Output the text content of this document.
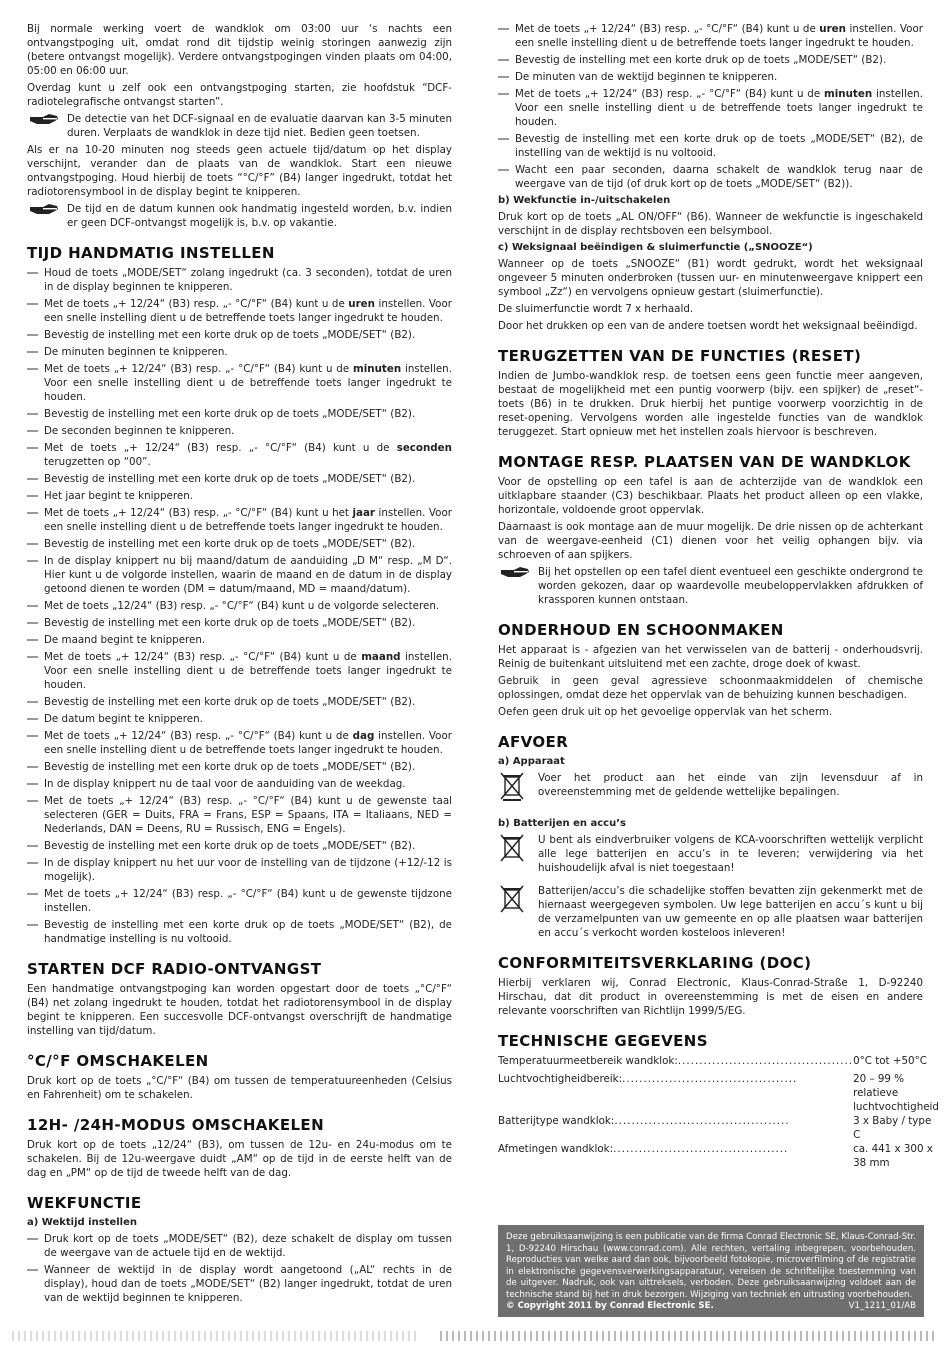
Bij normale werking voert de wandklok om 03:00 uur ‘s nachts een ontvangstpoging uit, omdat rond dit tijdstip weinig storingen aanwezig zijn (betere ontvangst mogelijk). Verdere ontvangstpogingen vinden plaats om 04:00, 05:00 en 06:00 uur.

Overdag kunt u zelf ook een ontvangstpoging starten, zie hoofdstuk “DCF-radiotelegrafische ontvangst starten”.

De detectie van het DCF-signaal en de evaluatie daarvan kan 3-5 minuten duren. Verplaats de wandklok in deze tijd niet. Bedien geen toetsen.

Als er na 10-20 minuten nog steeds geen actuele tijd/datum op het display verschijnt, verander dan de plaats van de wandklok. Start een nieuwe ontvangstpoging. Houd hierbij de toets “°C/°F” (B4) langer ingedrukt, totdat het radiotorensymbool in de display begint te knipperen.

De tijd en de datum kunnen ook handmatig ingesteld worden, b.v. indien er geen DCF-ontvangst mogelijk is, b.v. op vakantie.
TIJD HANDMATIG INSTELLEN
Houd de toets „MODE/SET“ zolang ingedrukt (ca. 3 seconden), totdat de uren in de display beginnen te knipperen.
Met de toets „+ 12/24“ (B3) resp. „- °C/°F“ (B4) kunt u de uren instellen. Voor een snelle instelling dient u de betreffende toets langer ingedrukt te houden.
Bevestig de instelling met een korte druk op de toets „MODE/SET“ (B2).
De minuten beginnen te knipperen.
Met de toets „+ 12/24“ (B3) resp. „- °C/°F“ (B4) kunt u de minuten instellen. Voor een snelle instelling dient u de betreffende toets langer ingedrukt te houden.
Bevestig de instelling met een korte druk op de toets „MODE/SET“ (B2).
De seconden beginnen te knipperen.
Met de toets „+ 12/24“ (B3) resp. „- °C/°F“ (B4) kunt u de seconden terugzetten op “00”.
Bevestig de instelling met een korte druk op de toets „MODE/SET“ (B2).
Het jaar begint te knipperen.
Met de toets „+ 12/24“ (B3) resp. „- °C/°F“ (B4) kunt u het jaar instellen. Voor een snelle instelling dient u de betreffende toets langer ingedrukt te houden.
Bevestig de instelling met een korte druk op de toets „MODE/SET“ (B2).
In de display knippert nu bij maand/datum de aanduiding „D M“ resp. „M D“. Hier kunt u de volgorde instellen, waarin de maand en de datum in de display getoond dienen te worden (DM = datum/maand, MD = maand/datum).
Met de toets „12/24“ (B3) resp. „- °C/°F“ (B4) kunt u de volgorde selecteren.
Bevestig de instelling met een korte druk op de toets „MODE/SET“ (B2).
De maand begint te knipperen.
Met de toets „+ 12/24“ (B3) resp. „- °C/°F“ (B4) kunt u de maand instellen. Voor een snelle instelling dient u de betreffende toets langer ingedrukt te houden.
Bevestig de instelling met een korte druk op de toets „MODE/SET“ (B2).
De datum begint te knipperen.
Met de toets „+ 12/24“ (B3) resp. „- °C/°F“ (B4) kunt u de dag instellen. Voor een snelle instelling dient u de betreffende toets langer ingedrukt te houden.
Bevestig de instelling met een korte druk op de toets „MODE/SET“ (B2).
In de display knippert nu de taal voor de aanduiding van de weekdag.
Met de toets „+ 12/24“ (B3) resp. „- °C/°F“ (B4) kunt u de gewenste taal selecteren (GER = Duits, FRA = Frans, ESP = Spaans, ITA = Italiaans, NED = Nederlands, DAN = Deens, RU = Russisch, ENG = Engels).
Bevestig de instelling met een korte druk op de toets „MODE/SET“ (B2).
In de display knippert nu het uur voor de instelling van de tijdzone (+12/-12 is mogelijk).
Met de toets „+ 12/24“ (B3) resp. „- °C/°F“ (B4) kunt u de gewenste tijdzone instellen.
Bevestig de instelling met een korte druk op de toets „MODE/SET“ (B2), de handmatige instelling is nu voltooid.
STARTEN DCF RADIO-ONTVANGST

Een handmatige ontvangstpoging kan worden opgestart door de toets „°C/°F“ (B4) net zolang ingedrukt te houden, totdat het radiotorensymbool in de display begint te knipperen. Een succesvolle DCF-ontvangst overschrijft de handmatige instelling van tijd/datum.

°C/°F OMSCHAKELEN

Druk kort op de toets „°C/°F“ (B4) om tussen de temperatuureenheden (Celsius en Fahrenheit) om te schakelen.

12H- /24H-MODUS OMSCHAKELEN

Druk kort op de toets „12/24“ (B3), om tussen de 12u- en 24u-modus om te schakelen. Bij de 12u-weergave duidt „AM“ op de tijd in de eerste helft van de dag en „PM“ op de tijd de tweede helft van de dag.

WEKFUNCTIE
a) Wektijd instellen
Druk kort op de toets „MODE/SET“ (B2), deze schakelt de display om tussen de weergave van de actuele tijd en de wektijd.
Wanneer de wektijd in de display wordt aangetoond („AL“ rechts in de display), houd dan de toets „MODE/SET“ (B2) langer ingedrukt, totdat de uren van de wektijd beginnen te knipperen.
Met de toets „+ 12/24“ (B3) resp. „- °C/°F“ (B4) kunt u de uren instellen. Voor een snelle instelling dient u de betreffende toets langer ingedrukt te houden.
Bevestig de instelling met een korte druk op de toets „MODE/SET“ (B2).
De minuten van de wektijd beginnen te knipperen.
Met de toets „+ 12/24“ (B3) resp. „- °C/°F“ (B4) kunt u de minuten instellen. Voor een snelle instelling dient u de betreffende toets langer ingedrukt te houden.
Bevestig de instelling met een korte druk op de toets „MODE/SET“ (B2), de instelling van de wektijd is nu voltooid.
Wacht een paar seconden, daarna schakelt de wandklok terug naar de weergave van de tijd (of druk kort op de toets „MODE/SET“ (B2)).
b) Wekfunctie in-/uitschakelen

Druk kort op de toets „AL ON/OFF“ (B6). Wanneer de wekfunctie is ingeschakeld verschijnt in de display rechtsboven een belsymbool.

c) Weksignaal beëindigen & sluimerfunctie („SNOOZE“)

Wanneer op de toets „SNOOZE“ (B1) wordt gedrukt, wordt het weksignaal ongeveer 5 minuten onderbroken (tussen uur- en minutenweergave knippert een symbool „Zz“) en vervolgens opnieuw gestart (sluimerfunctie).

De sluimerfunctie wordt 7 x herhaald.

Door het drukken op een van de andere toetsen wordt het weksignaal beëindigd.

TERUGZETTEN VAN DE FUNCTIES (RESET)

Indien de Jumbo-wandklok resp. de toetsen eens geen functie meer aangeven, bestaat de mogelijkheid met een puntig voorwerp (bijv. een spijker) de „reset“-toets (B6) in te drukken. Druk hierbij het puntige voorwerp voorzichtig in de reset-opening. Vervolgens worden alle ingestelde functies van de wandklok teruggezet. Start opnieuw met het instellen zoals hiervoor is beschreven.

MONTAGE RESP. PLAATSEN VAN DE WANDKLOK

Voor de opstelling op een tafel is aan de achterzijde van de wandklok een uitklapbare staander (C3) beschikbaar. Plaats het product alleen op een vlakke, horizontale, voldoende groot oppervlak.

Daarnaast is ook montage aan de muur mogelijk. De drie nissen op de achterkant van de weergave-eenheid (C1) dienen voor het veilig ophangen bijv. via schroeven of aan spijkers.

Bij het opstellen op een tafel dient eventueel een geschikte ondergrond te worden gekozen, daar op waardevolle meubeloppervlakken afdrukken of krassporen kunnen ontstaan.
ONDERHOUD EN SCHOONMAKEN

Het apparaat is - afgezien van het verwisselen van de batterij - onderhoudsvrij. Reinig de buitenkant uitsluitend met een zachte, droge doek of kwast.

Gebruik in geen geval agressieve schoonmaakmiddelen of chemische oplossingen, omdat deze het oppervlak van de behuizing kunnen beschadigen.

Oefen geen druk uit op het gevoelige oppervlak van het scherm.

AFVOER
a) Apparaat
Voer het product aan het einde van zijn levensduur af in overeenstemming met de geldende wettelijke bepalingen.
b) Batterijen en accu’s
U bent als eindverbruiker volgens de KCA-voorschriften wettelijk verplicht alle lege batterijen en accu’s in te leveren; verwijdering via het huishoudelijk afval is niet toegestaan!
Batterijen/accu’s die schadelijke stoffen bevatten zijn gekenmerkt met de hiernaast weergegeven symbolen. Uw lege batterijen en accu´s kunt u bij de verzamelpunten van uw gemeente en op alle plaatsen waar batterijen en accu´s verkocht worden kosteloos inleveren!
CONFORMITEITSVERKLARING (DOC)

Hierbij verklaren wij, Conrad Electronic, Klaus-Conrad-Straße 1, D-92240 Hirschau, dat dit product in overeenstemming is met de eisen en andere relevante voorschriften van Richtlijn 1999/5/EG.

TECHNISCHE GEGEVENS
Temperatuurmeetbereik wandklok:.........................................	0°C tot +50°C
Luchtvochtigheidbereik:.........................................	20 – 99 % relatieve luchtvochtigheid
Batterijtype wandklok:.........................................	3 x Baby / type C
Afmetingen wandklok:.........................................	ca. 441 x 300 x 38 mm

Deze gebruiksaanwijzing is een publicatie van de firma Conrad Electronic SE, Klaus-Conrad-Str. 1, D-92240 Hirschau (www.conrad.com). Alle rechten, vertaling inbegrepen, voorbehouden. Reproducties van welke aard dan ook, bijvoorbeeld fotokopie, microverfilming of de registratie in elektronische gegevensverwerkingsapparatuur, vereisen de schriftelijke toestemming van de uitgever. Nadruk, ook van uittreksels, verboden. Deze gebruiksaanwijzing voldoet aan de technische stand bij het in druk bezorgen. Wijziging van techniek en uitrusting voorbehouden.

© Copyright 2011 by Conrad Electronic SE.	V1_1211_01/AB
